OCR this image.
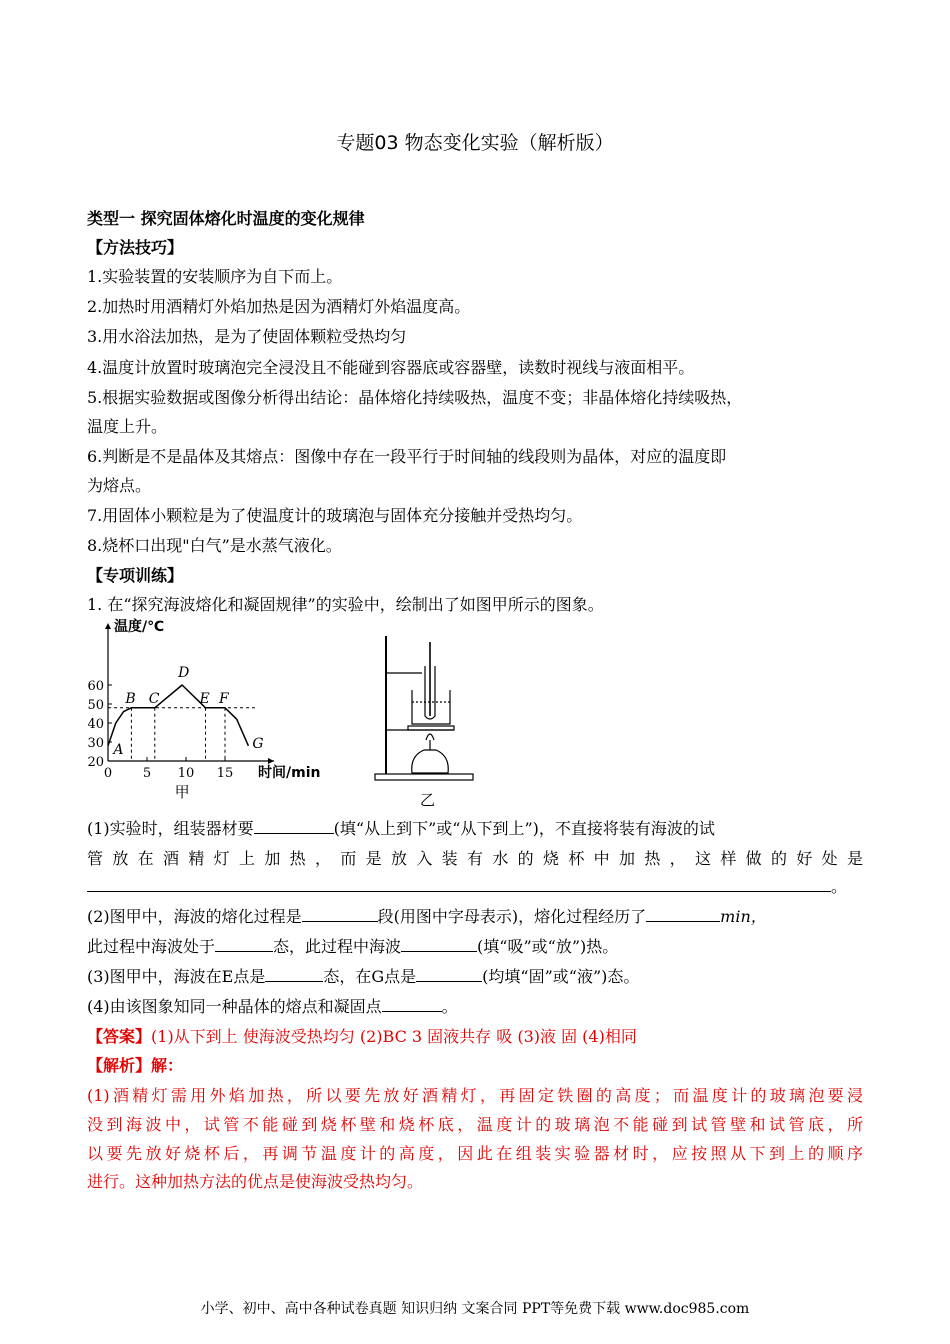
专题03 物态变化实验（解析版）
类型一 探究固体熔化时温度的变化规律
【方法技巧】
1.实验装置的安装顺序为自下而上。
2.加热时用酒精灯外焰加热是因为酒精灯外焰温度高。
3.用水浴法加热，是为了使固体颗粒受热均匀
4.温度计放置时玻璃泡完全浸没且不能碰到容器底或容器壁，读数时视线与液面相平。
5.根据实验数据或图像分析得出结论：晶体熔化持续吸热，温度不变；非晶体熔化持续吸热，
温度上升。
6.判断是不是晶体及其熔点：图像中存在一段平行于时间轴的线段则为晶体，对应的温度即
为熔点。
7.用固体小颗粒是为了使温度计的玻璃泡与固体充分接触并受热均匀。
8.烧杯口出现"白气”是水蒸气液化。
【专项训练】
1. 在“探究海波熔化和凝固规律”的实验中，绘制出了如图甲所示的图象。
20
30
40
50
60
0 5 10 15
温度/℃
时间/min
A
B C
D
E F
G
甲	乙
(1)实验时，组装器材要	(填“从上到下”或“从下到上”)，不直接将装有海波的试
管放在酒精灯上加热，而是放入装有水的烧杯中加热，这样做的好处是
。
(2)图甲中，海波的熔化过程是	段(用图中字母表示)，熔化过程经历了	min，
此过程中海波处于	态，此过程中海波	(填“吸”或“放”)热。
(3)图甲中，海波在E点是	态，在G点是	(均填“固”或“液”)态。
(4)由该图象知同一种晶体的熔点和凝固点	。
【答案】(1)从下到上 使海波受热均匀 (2)BC 3 固液共存 吸 (3)液 固 (4)相同
【解析】解：
(1)酒精灯需用外焰加热，所以要先放好酒精灯，再固定铁圈的高度；而温度计的玻璃泡要浸
没到海波中，试管不能碰到烧杯壁和烧杯底，温度计的玻璃泡不能碰到试管壁和试管底，所
以要先放好烧杯后，再调节温度计的高度，因此在组装实验器材时，应按照从下到上的顺序
进行。这种加热方法的优点是使海波受热均匀。
小学、初中、高中各种试卷真题 知识归纳 文案合同 PPT等免费下载 www.doc985.com
